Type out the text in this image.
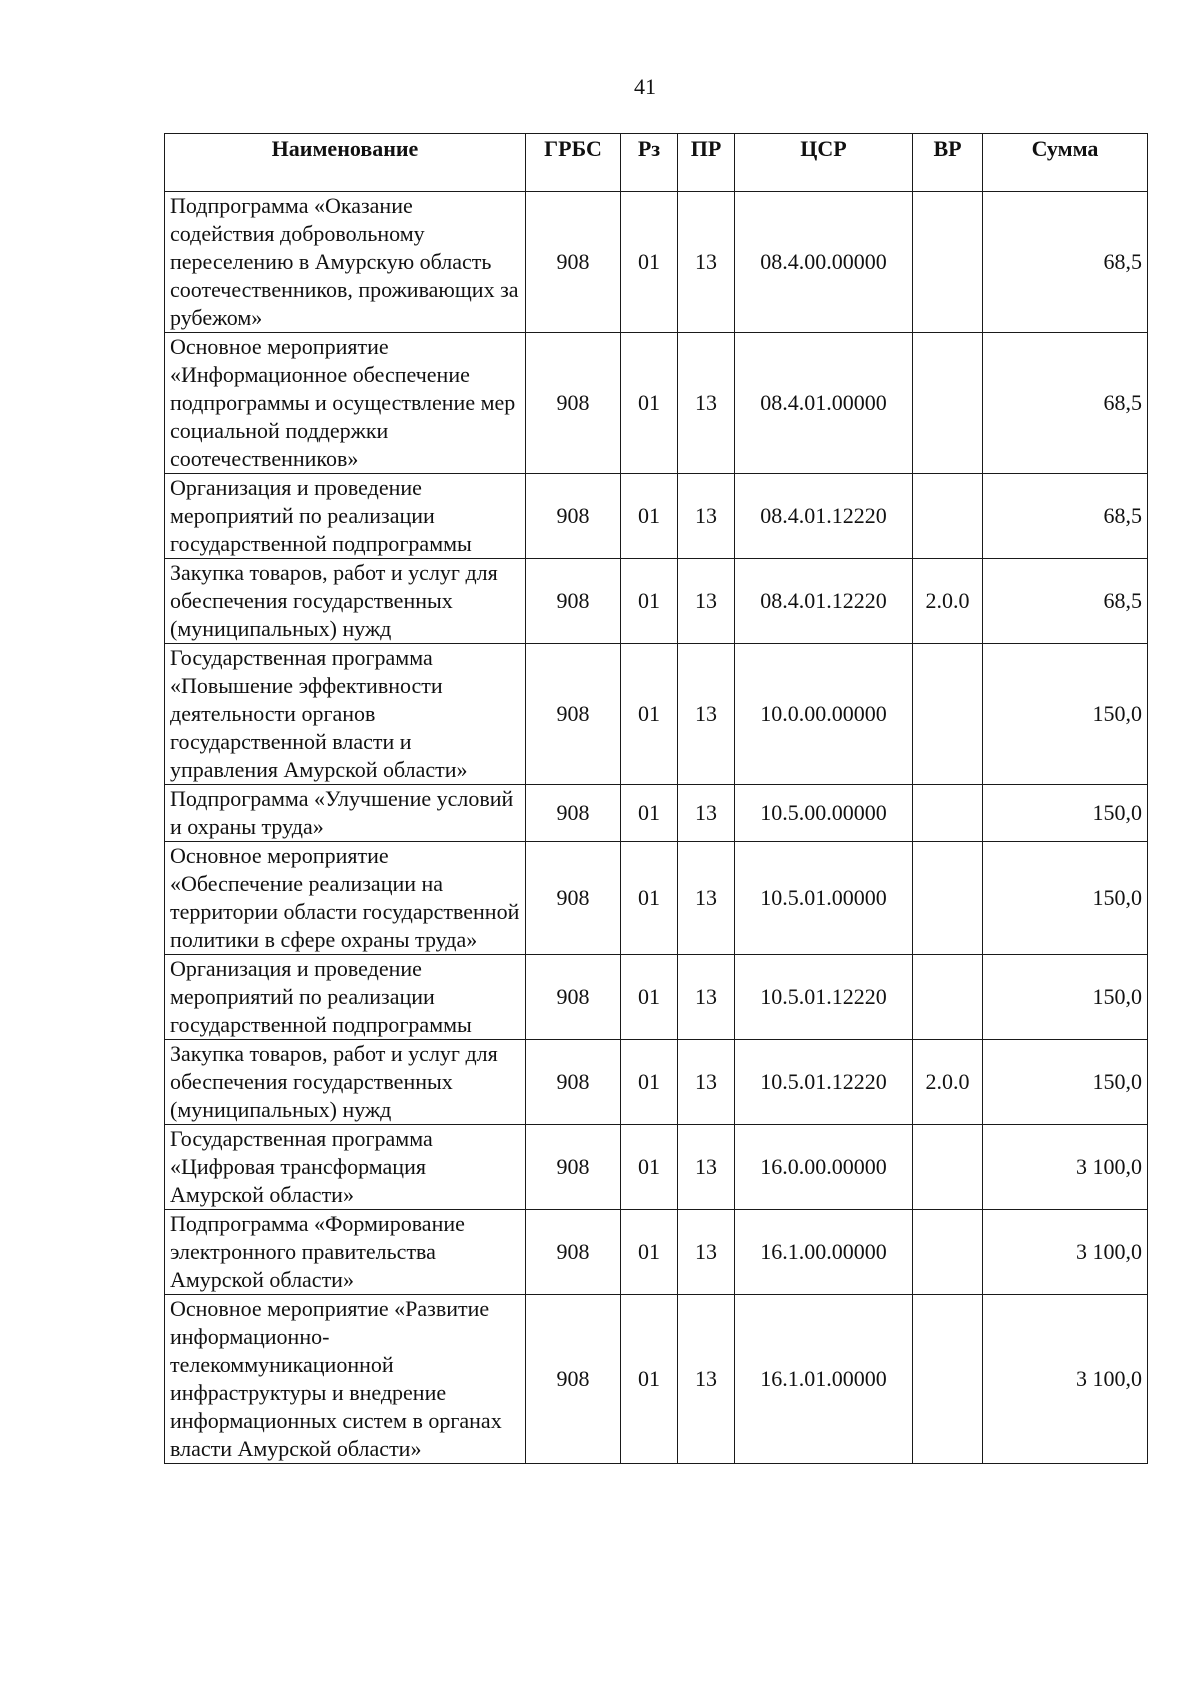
41
Наименование	ГРБС	Рз	ПР	ЦСР	ВР	Сумма
Подпрограмма «Оказание содействия добровольному переселению в Амурскую область соотечественников, проживающих за рубежом»	908	01	13	08.4.00.00000		68,5
Основное мероприятие «Информационное обеспечение подпрограммы и осуществление мер социальной поддержки соотечественников»	908	01	13	08.4.01.00000		68,5
Организация и проведение мероприятий по реализации государственной подпрограммы	908	01	13	08.4.01.12220		68,5
Закупка товаров, работ и услуг для обеспечения государственных (муниципальных) нужд	908	01	13	08.4.01.12220	2.0.0	68,5
Государственная программа «Повышение эффективности деятельности органов государственной власти и управления Амурской области»	908	01	13	10.0.00.00000		150,0
Подпрограмма «Улучшение условий и охраны труда»	908	01	13	10.5.00.00000		150,0
Основное мероприятие «Обеспечение реализации на территории области государственной политики в сфере охраны труда»	908	01	13	10.5.01.00000		150,0
Организация и проведение мероприятий по реализации государственной подпрограммы	908	01	13	10.5.01.12220		150,0
Закупка товаров, работ и услуг для обеспечения государственных (муниципальных) нужд	908	01	13	10.5.01.12220	2.0.0	150,0
Государственная программа «Цифровая трансформация Амурской области»	908	01	13	16.0.00.00000		3 100,0
Подпрограмма «Формирование электронного правительства Амурской области»	908	01	13	16.1.00.00000		3 100,0
Основное мероприятие «Развитие информационно-телекоммуникационной инфраструктуры и внедрение информационных систем в органах власти Амурской области»	908	01	13	16.1.01.00000		3 100,0
